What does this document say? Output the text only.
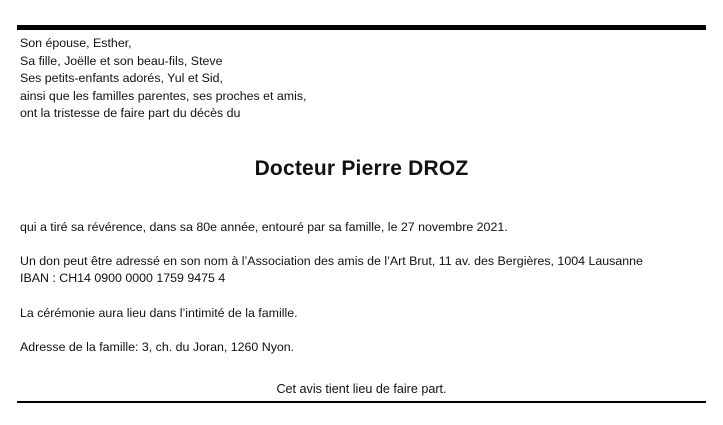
Son épouse, Esther,
Sa fille, Joëlle et son beau-fils, Steve
Ses petits-enfants adorés, Yul et Sid,
ainsi que les familles parentes, ses proches et amis,
ont la tristesse de faire part du décès du
Docteur Pierre DROZ
qui a tiré sa révérence, dans sa 80e année, entouré par sa famille, le 27 novembre 2021.
Un don peut être adressé en son nom à l’Association des amis de l’Art Brut, 11 av. des Bergières, 1004 Lausanne
IBAN : CH14 0900 0000 1759 9475 4
La cérémonie aura lieu dans l’intimité de la famille.
Adresse de la famille: 3, ch. du Joran, 1260 Nyon.
Cet avis tient lieu de faire part.
